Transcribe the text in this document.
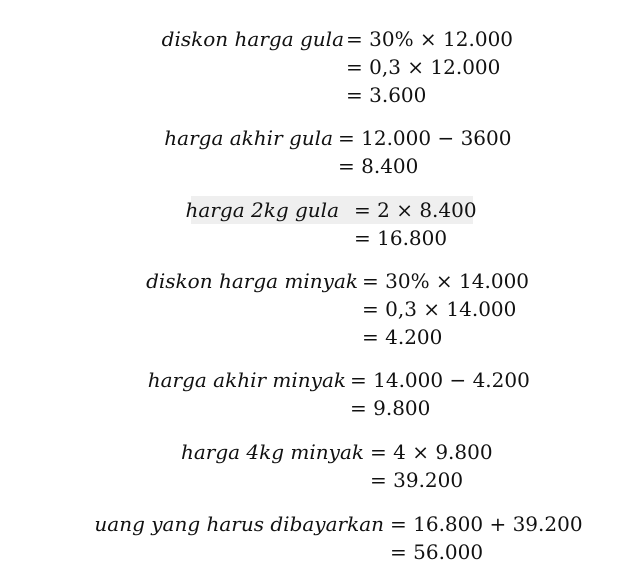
diskon harga gula = 30% × 12.000
= 0,3 × 12.000
= 3.600
harga akhir gula = 12.000 − 3600
= 8.400
harga 2kg gula = 2 × 8.400
= 16.800
diskon harga minyak = 30% × 14.000
= 0,3 × 14.000
= 4.200
harga akhir minyak = 14.000 − 4.200
= 9.800
harga 4kg minyak = 4 × 9.800
= 39.200
uang yang harus dibayarkan = 16.800 + 39.200
= 56.000
